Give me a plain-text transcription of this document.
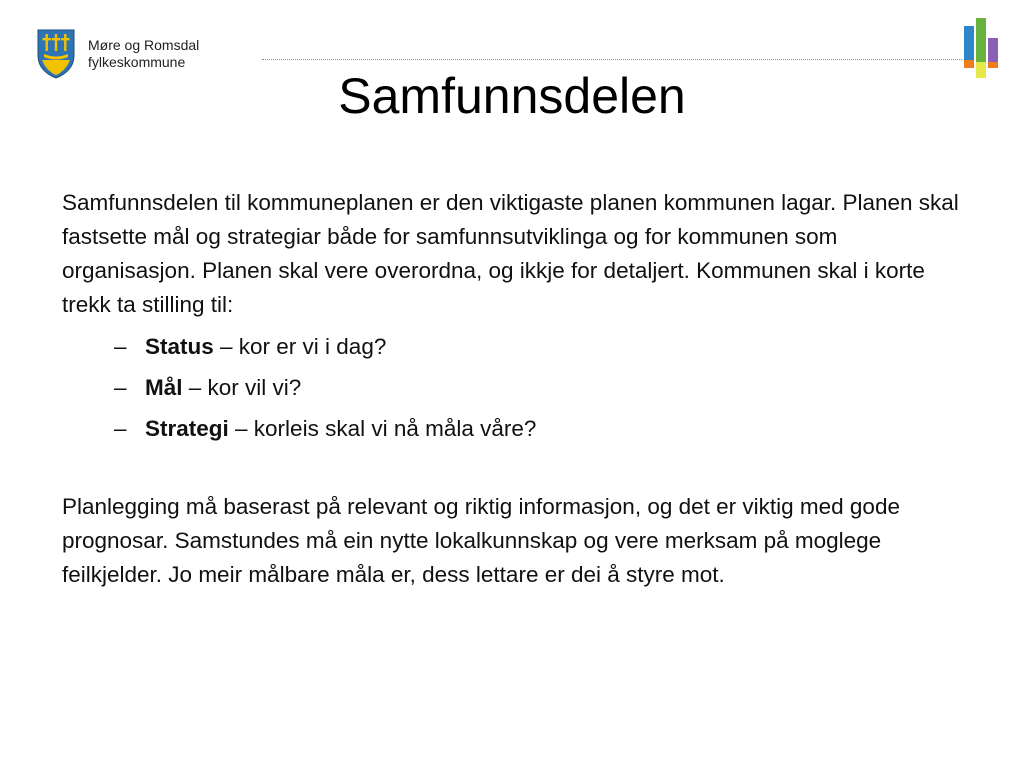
Møre og Romsdal
fylkeskommune
Samfunnsdelen

Samfunnsdelen til kommuneplanen er den viktigaste planen kommunen lagar. Planen skal fastsette mål og strategiar både for samfunnsutviklinga og for kommunen som organisasjon. Planen skal vere overordna, og ikkje for detaljert. Kommunen skal i korte trekk ta stilling til:

– Status – kor er vi i dag?
– Mål – kor vil vi?
– Strategi – korleis skal vi nå måla våre?

Planlegging må baserast på relevant og riktig informasjon, og det er viktig med gode prognosar. Samstundes må ein nytte lokalkunnskap og vere merksam på moglege feilkjelder. Jo meir målbare måla er, dess lettare er dei å styre mot.
